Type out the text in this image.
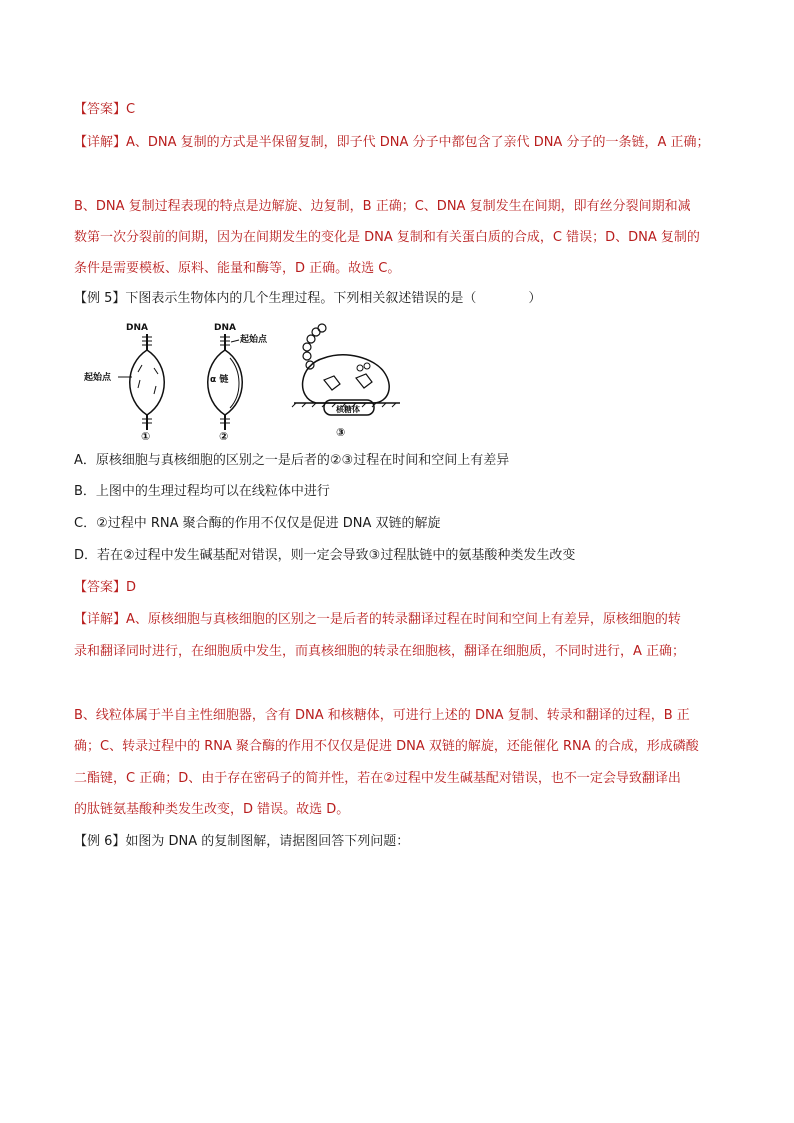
【答案】C
【详解】A、DNA 复制的方式是半保留复制，即子代 DNA 分子中都包含了亲代 DNA 分子的一条链，A 正确；
B、DNA 复制过程表现的特点是边解旋、边复制，B 正确；C、DNA 复制发生在间期，即有丝分裂间期和减
数第一次分裂前的间期，因为在间期发生的变化是 DNA 复制和有关蛋白质的合成，C 错误；D、DNA 复制的
条件是需要模板、原料、能量和酶等，D 正确。故选 C。
【例 5】下图表示生物体内的几个生理过程。下列相关叙述错误的是（　　　　）
DNA
起始点
①
DNA
α 链
起始点
②
核糖体
③
A．原核细胞与真核细胞的区别之一是后者的②③过程在时间和空间上有差异
B．上图中的生理过程均可以在线粒体中进行
C．②过程中 RNA 聚合酶的作用不仅仅是促进 DNA 双链的解旋
D．若在②过程中发生碱基配对错误，则一定会导致③过程肽链中的氨基酸种类发生改变
【答案】D
【详解】A、原核细胞与真核细胞的区别之一是后者的转录翻译过程在时间和空间上有差异，原核细胞的转
录和翻译同时进行，在细胞质中发生，而真核细胞的转录在细胞核，翻译在细胞质，不同时进行，A 正确；
B、线粒体属于半自主性细胞器，含有 DNA 和核糖体，可进行上述的 DNA 复制、转录和翻译的过程，B 正
确；C、转录过程中的 RNA 聚合酶的作用不仅仅是促进 DNA 双链的解旋，还能催化 RNA 的合成，形成磷酸
二酯键，C 正确；D、由于存在密码子的简并性，若在②过程中发生碱基配对错误，也不一定会导致翻译出
的肽链氨基酸种类发生改变，D 错误。故选 D。
【例 6】如图为 DNA 的复制图解，请据图回答下列问题：
